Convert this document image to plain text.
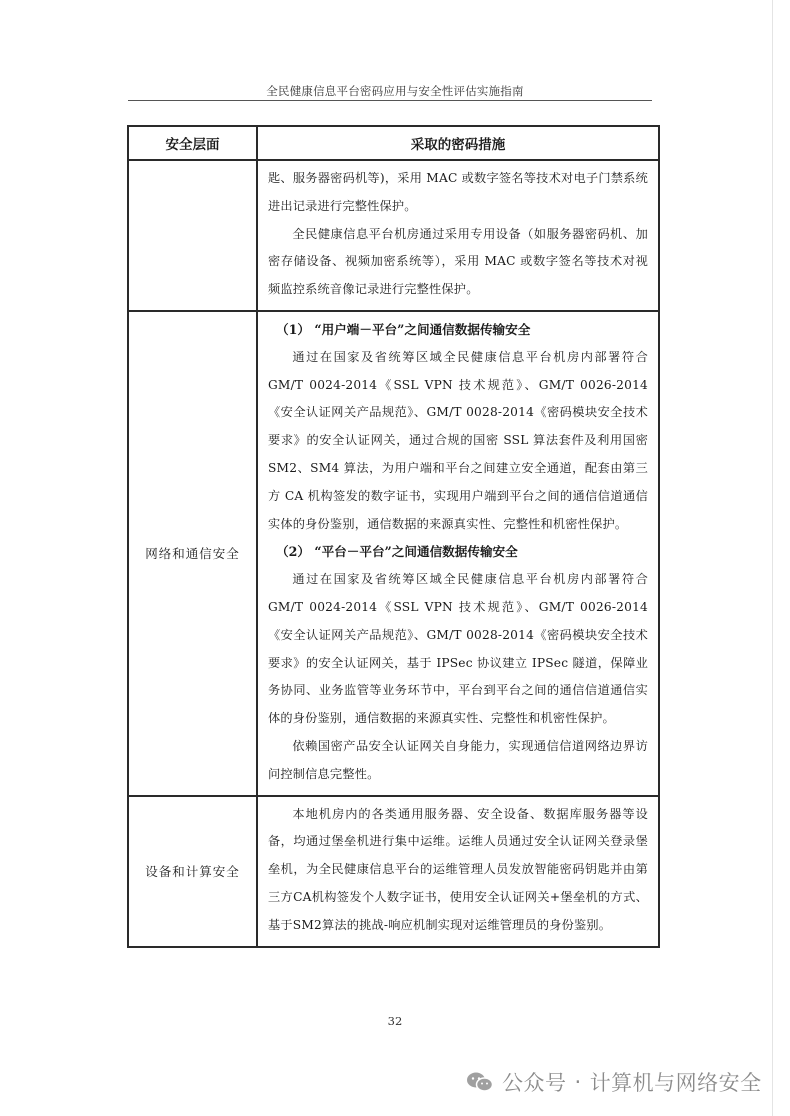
全民健康信息平台密码应用与安全性评估实施指南
安全层面	采取的密码措施

	匙、服务器密码机等)，采用 MAC 或数字签名等技术对电子门禁系统进出记录进行完整性保护。

全民健康信息平台机房通过采用专用设备（如服务器密码机、加密存储设备、视频加密系统等），采用 MAC 或数字签名等技术对视频监控系统音像记录进行完整性保护。

网络和通信安全	（1） “用户端－平台”之间通信数据传输安全

通过在国家及省统筹区域全民健康信息平台机房内部署符合 GM/T 0024-2014《SSL VPN 技术规范》、GM/T 0026-2014《安全认证网关产品规范》、GM/T 0028-2014《密码模块安全技术要求》的安全认证网关，通过合规的国密 SSL 算法套件及利用国密 SM2、SM4 算法，为用户端和平台之间建立安全通道，配套由第三方 CA 机构签发的数字证书，实现用户端到平台之间的通信信道通信实体的身份鉴别，通信数据的来源真实性、完整性和机密性保护。

（2） “平台－平台”之间通信数据传输安全

通过在国家及省统筹区域全民健康信息平台机房内部署符合 GM/T 0024-2014《SSL VPN 技术规范》、GM/T 0026-2014《安全认证网关产品规范》、GM/T 0028-2014《密码模块安全技术要求》的安全认证网关，基于 IPSec 协议建立 IPSec 隧道，保障业务协同、业务监管等业务环节中，平台到平台之间的通信信道通信实体的身份鉴别，通信数据的来源真实性、完整性和机密性保护。

依赖国密产品安全认证网关自身能力，实现通信信道网络边界访问控制信息完整性。

设备和计算安全	本地机房内的各类通用服务器、安全设备、数据库服务器等设备，均通过堡垒机进行集中运维。运维人员通过安全认证网关登录堡垒机，为全民健康信息平台的运维管理人员发放智能密码钥匙并由第三方CA机构签发个人数字证书，使用安全认证网关+堡垒机的方式、基于SM2算法的挑战-响应机制实现对运维管理员的身份鉴别。

32
公众号 · 计算机与网络安全
